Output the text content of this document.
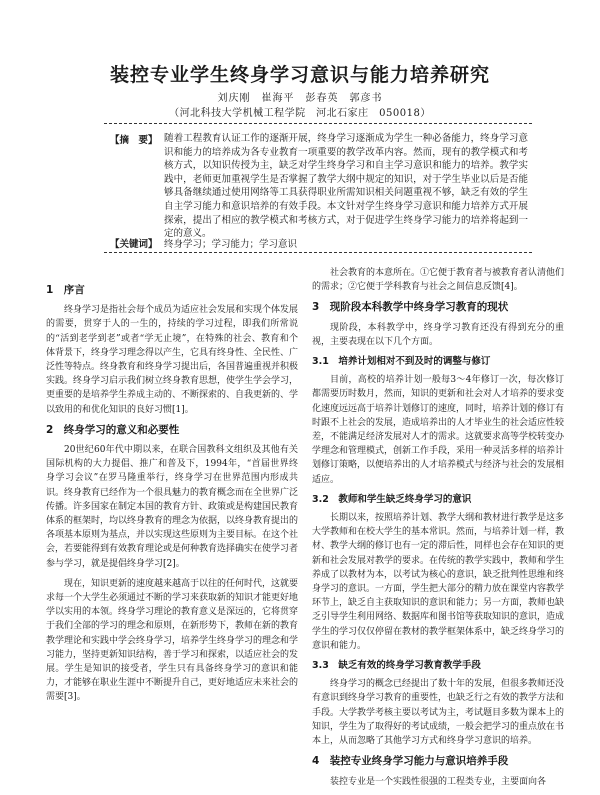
装控专业学生终身学习意识与能力培养研究
刘庆刚　崔海平　彭春英　郭彦书
（河北科技大学机械工程学院　河北石家庄　050018）
【摘　要】 随着工程教育认证工作的逐渐开展，终身学习逐渐成为学生一种必备能力，终身学习意识和能力的培养成为各专业教育一项重要的教学改革内容。然而，现有的教学模式和考核方式，以知识传授为主，缺乏对学生终身学习和自主学习意识和能力的培养。教学实践中，老师更加重视学生是否掌握了教学大纲中规定的知识，对于学生毕业以后是否能够具备继续通过使用网络等工具获得职业所需知识相关问题重视不够，缺乏有效的学生自主学习能力和意识培养的有效手段。本文针对学生终身学习意识和能力培养方式开展探索，提出了相应的教学模式和考核方式，对于促进学生终身学习能力的培养将起到一定的意义。
【关键词】 终身学习；学习能力；学习意识
1　序言

终身学习是指社会每个成员为适应社会发展和实现个体发展的需要，贯穿于人的一生的，持续的学习过程，即我们所常说的“活到老学到老”或者“学无止境”，在特殊的社会、教育和个体背景下，终身学习理念得以产生，它具有终身性、全民性、广泛性等特点。终身教育和终身学习提出后，各国普遍重视并积极实践。终身学习启示我们树立终身教育思想，使学生学会学习，更重要的是培养学生养成主动的、不断探索的、自我更新的、学以致用的和优化知识的良好习惯[1]。

2　终身学习的意义和必要性

20世纪60年代中期以来，在联合国教科文组织及其他有关国际机构的大力提倡、推广和普及下，1994年，“首届世界终身学习会议”在罗马隆重举行，终身学习在世界范围内形成共识。终身教育已经作为一个很具魅力的教育概念而在全世界广泛传播。许多国家在制定本国的教育方针、政策或是构建国民教育体系的框架时，均以终身教育的理念为依据，以终身教育提出的各项基本原则为基点，并以实现这些原则为主要目标。在这个社会，若要能得到有效教育理论或是何种教育选择确实在使学习者参与学习，就是提倡终身学习[2]。

现在，知识更新的速度越来越高于以往的任何时代，这就要求每一个大学生必须通过不断的学习来获取新的知识才能更好地学以实用的本领。终身学习理论的教育意义是深远的，它将贯穿于我们全部的学习的理念和原则，在新形势下，教师在新的教育教学理论和实践中学会终身学习，培养学生终身学习的理念和学习能力，坚持更新知识结构，善于学习和探索，以适应社会的发展。学生是知识的接受者，学生只有具备终身学习的意识和能力，才能够在职业生涯中不断提升自己，更好地适应未来社会的需要[3]。

社会教育的本意所在。①它便于教育者与被教育者认清他们的需求；②它便于学科教育与社会之间信息反馈[4]。

3　现阶段本科教学中终身学习教育的现状

现阶段，本科教学中，终身学习教育还没有得到充分的重视，主要表现在以下几个方面。

3.1　培养计划相对不到及时的调整与修订

目前，高校的培养计划一般每3～4年修订一次，每次修订都需要历时数月，然而，知识的更新和社会对人才培养的要求变化速度远远高于培养计划修订的速度，同时，培养计划的修订有时跟不上社会的发展，造成培养出的人才毕业生的社会适应性较差，不能满足经济发展对人才的需求。这就要求高等学校转变办学理念和管理模式，创新工作手段，采用一种灵活多样的培养计划修订策略，以便培养出的人才培养模式与经济与社会的发展相适应。

3.2　教师和学生缺乏终身学习的意识

长期以来，按照培养计划、教学大纲和教材进行教学是这多大学教师和在校大学生的基本常识。然而，与培养计划一样，教材、教学大纲的修订也有一定的滞后性，同样也会存在知识的更新和社会发展对教学的要求。在传统的教学实践中，教师和学生养成了以教材为本，以考试为核心的意识，缺乏批判性思维和终身学习的意识。一方面，学生把大部分的精力放在课堂内容教学环节上，缺乏自主获取知识的意识和能力；另一方面，教师也缺乏引导学生利用网络、数据库和图书馆等获取知识的意识，造成学生的学习仅仅停留在教材的教学框架体系中，缺乏终身学习的意识和能力。

3.3　缺乏有效的终身学习教育教学手段

终身学习的概念已经提出了数十年的发展，但很多教师还没有意识到终身学习教育的重要性，也缺乏行之有效的教学方法和手段。大学教学考核主要以考试为主，考试题目多数为课本上的知识，学生为了取得好的考试成绩，一般会把学习的重点放在书本上，从而忽略了其他学习方式和终身学习意识的培养。

4　装控专业终身学习能力与意识培养手段

装控专业是一个实践性很强的工程类专业，主要面向各
